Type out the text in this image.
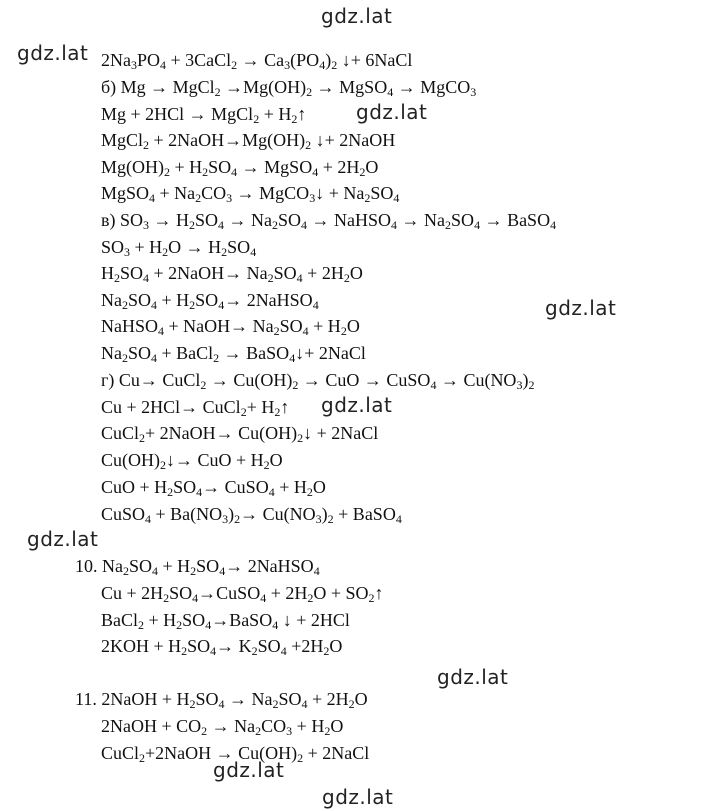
$2Na_3PO_4$ + 3CaCl$_2$ → $Ca_3(PO_4)_2$ ↓+ 6NaCl
б) Mg → MgCl$_2$ $\to Mg(OH)_2$ → MgSO$_4$ → MgCO$_3$
Mg + 2HCl → MgCl$_2$ + $H_2↑$
MgCl$_2$ + $2NaOH\to Mg(OH)_2$ ↓+ 2NaOH
$Mg(OH)_2 + H_2SO_4$ → MgSO$_4$ + $2H_2O$
MgSO$_4$ + $Na_2CO_3$ → MgCO$_3$↓ + $Na_2SO_4$
в) $SO_3 \to H_2SO_4 \to Na_2SO_4$ → NaHSO$_4$ → $Na_2SO_4$ → BaSO$_4$
$SO_3 + H_2O \to H_2SO_4$
$H_2SO_4$ + 2NaOH→ $Na_2SO_4 + 2H_2O$
$Na_2SO_4 + H_2SO_4\to$ 2NaHSO$_4$
NaHSO$_4$ + NaOH→ $Na_2SO_4 + H_2O$
$Na_2SO_4$ + BaCl$_2$ → BaSO$_4$↓+ 2NaCl
г) Cu→ CuCl$_2$ → $Cu(OH)_2$ → CuO → CuSO$_4$ → $Cu(NO_3)_2$
Cu + 2HCl→ CuCl$_2$+ $H_2↑$
CuCl$_2$+ 2NaOH→ $Cu(OH)_2↓$ + 2NaCl
$Cu(OH)_2↓\to$ CuO + $H_2O$
CuO + $H_2SO_4\to$ CuSO$_4$ + $H_2O$
CuSO$_4$ + $Ba(NO_3)_2\to Cu(NO_3)_2$ + BaSO$_4$
10. $Na_2SO_4 + H_2SO_4\to$ 2NaHSO$_4$
$Cu + 2H_2SO_4\to CuSO_4 + 2H_2O$ + $SO_2↑$
BaCl$_2$ + $H_2SO_4\to BaSO_4$ ↓ + 2HCl
$2KOH + H_2SO_4\to K_2SO_4 +2H_2O$
11. 2NaOH + $H_2SO_4 \to Na_2SO_4 + 2H_2O$
2NaOH + $CO_2 \to Na_2CO_3 + H_2O$
CuCl$_2$+2NaOH → $Cu(OH)_2$ + 2NaCl
gdz.lat
gdz.lat
gdz.lat
gdz.lat
gdz.lat
gdz.lat
gdz.lat
gdz.lat
gdz.lat
